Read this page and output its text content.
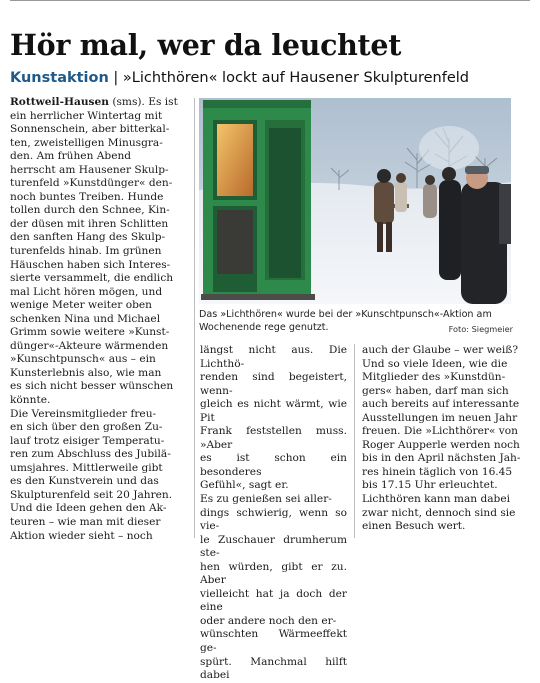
Hör mal, wer da leuchtet
Kunstaktion | »Lichthören« lockt auf Hausener Skulpturenfeld
Rottweil-Hausen (sms). Es ist
ein herrlicher Wintertag mit
Sonnenschein, aber bitterkal-
ten, zweistelligen Minusgra-
den. Am frühen Abend
herrscht am Hausener Skulp-
turenfeld »Kunstdünger« den-
noch buntes Treiben. Hunde
tollen durch den Schnee, Kin-
der düsen mit ihren Schlitten
den sanften Hang des Skulp-
turenfelds hinab. Im grünen
Häuschen haben sich Interes-
sierte versammelt, die endlich
mal Licht hören mögen, und
wenige Meter weiter oben
schenken Nina und Michael
Grimm sowie weitere »Kunst-
dünger«-Akteure wärmenden
»Kunschtpunsch« aus – ein
Kunsterlebnis also, wie man
es sich nicht besser wünschen
könnte.
Die Vereinsmitglieder freu-
en sich über den großen Zu-
lauf trotz eisiger Temperatu-
ren zum Abschluss des Jubilä-
umsjahres. Mittlerweile gibt
es den Kunstverein und das
Skulpturenfeld seit 20 Jahren.
Und die Ideen gehen den Ak-
teuren – wie man mit dieser
Aktion wieder sieht – noch
Das »Lichthören« wurde bei der »Kunschtpunsch«-Aktion am Wochenende rege genutzt.	Foto: Siegmeier
längst nicht aus. Die Lichthö-
renden sind begeistert, wenn-
gleich es nicht wärmt, wie Pit
Frank feststellen muss. »Aber
es ist schon ein besonderes
Gefühl«, sagt er.
Es zu genießen sei aller-
dings schwierig, wenn so vie-
le Zuschauer drumherum ste-
hen würden, gibt er zu. Aber
vielleicht hat ja doch der eine
oder andere noch den er-
wünschten Wärmeeffekt ge-
spürt. Manchmal hilft dabei
auch der Glaube – wer weiß?
Und so viele Ideen, wie die
Mitglieder des »Kunstdün-
gers« haben, darf man sich
auch bereits auf interessante
Ausstellungen im neuen Jahr
freuen. Die »Lichthörer« von
Roger Aupperle werden noch
bis in den April nächsten Jah-
res hinein täglich von 16.45
bis 17.15 Uhr erleuchtet.
Lichthören kann man dabei
zwar nicht, dennoch sind sie
einen Besuch wert.
